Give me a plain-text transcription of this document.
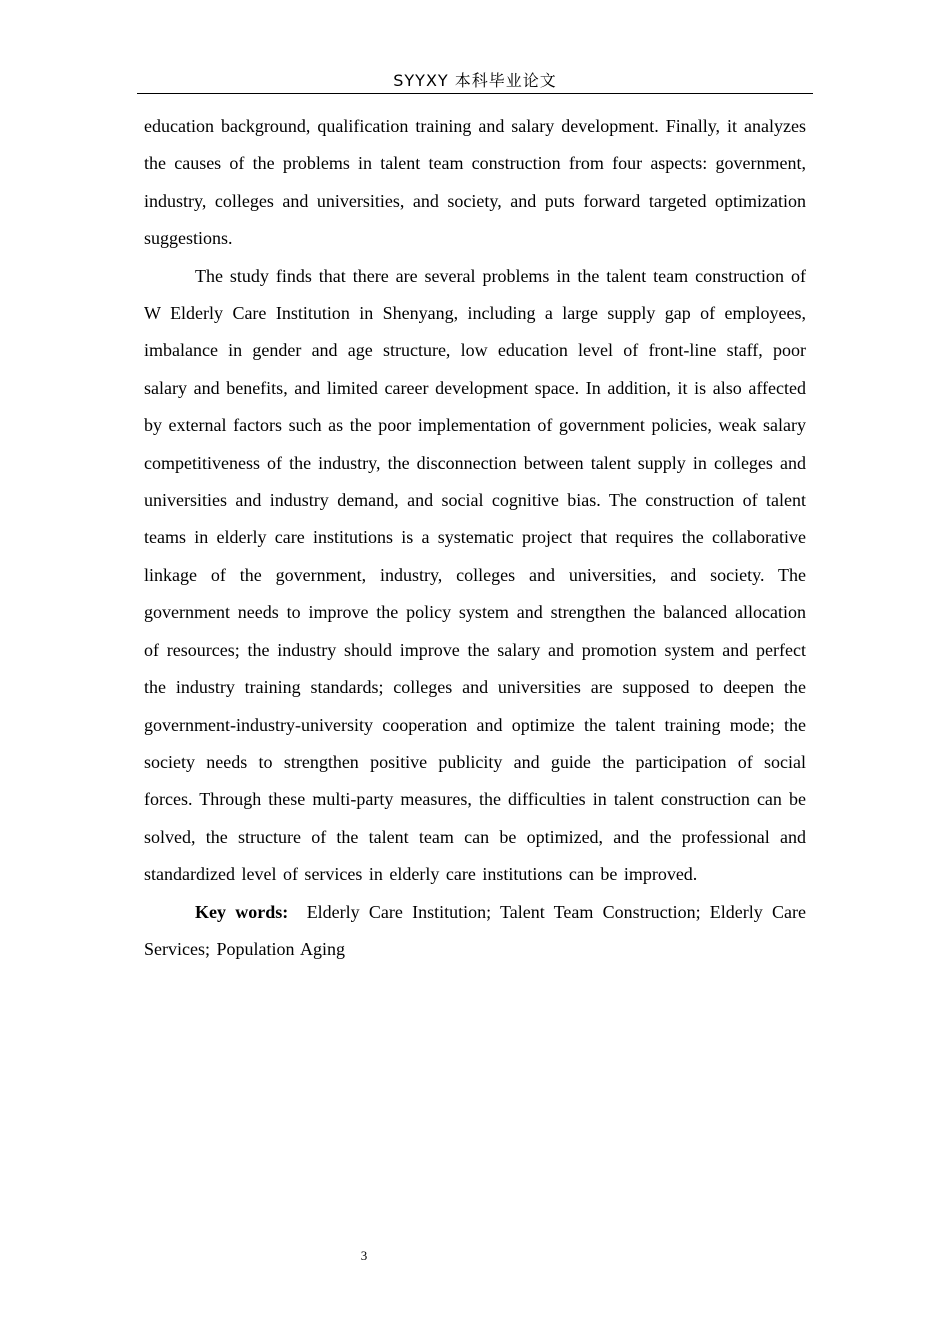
SYYXY 本科毕业论文

education background, qualification training and salary development. Finally, it analyzes the causes of the problems in talent team construction from four aspects: government, industry, colleges and universities, and society, and puts forward targeted optimization suggestions.

The study finds that there are several problems in the talent team construction of W Elderly Care Institution in Shenyang, including a large supply gap of employees, imbalance in gender and age structure, low education level of front-line staff, poor salary and benefits, and limited career development space. In addition, it is also affected by external factors such as the poor implementation of government policies, weak salary competitiveness of the industry, the disconnection between talent supply in colleges and universities and industry demand, and social cognitive bias. The construction of talent teams in elderly care institutions is a systematic project that requires the collaborative linkage of the government, industry, colleges and universities, and society. The government needs to improve the policy system and strengthen the balanced allocation of resources; the industry should improve the salary and promotion system and perfect the industry training standards; colleges and universities are supposed to deepen the government-industry-university cooperation and optimize the talent training mode; the society needs to strengthen positive publicity and guide the participation of social forces. Through these multi-party measures, the difficulties in talent construction can be solved, the structure of the talent team can be optimized, and the professional and standardized level of services in elderly care institutions can be improved.

Key words: Elderly Care Institution; Talent Team Construction; Elderly Care Services; Population Aging

3
